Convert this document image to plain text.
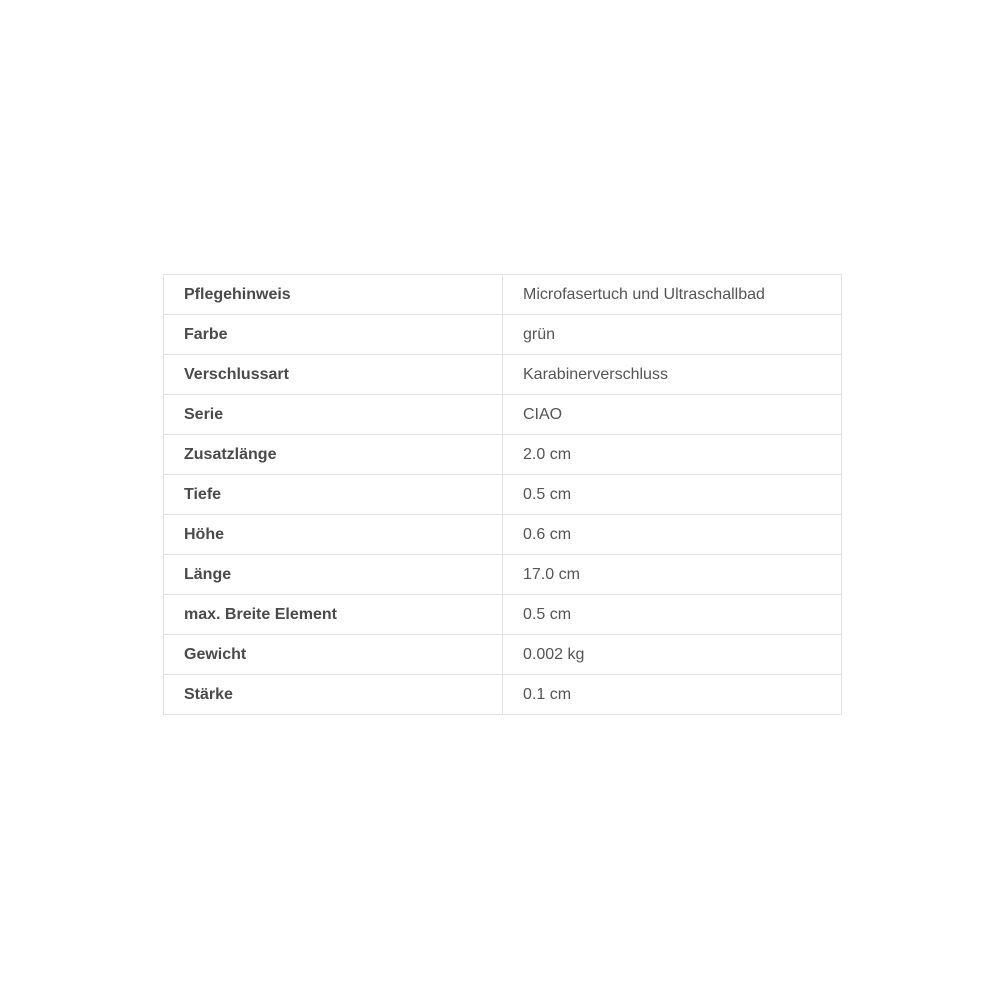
Pflegehinweis	Microfasertuch und Ultraschallbad
Farbe	grün
Verschlussart	Karabinerverschluss
Serie	CIAO
Zusatzlänge	2.0 cm
Tiefe	0.5 cm
Höhe	0.6 cm
Länge	17.0 cm
max. Breite Element	0.5 cm
Gewicht	0.002 kg
Stärke	0.1 cm
